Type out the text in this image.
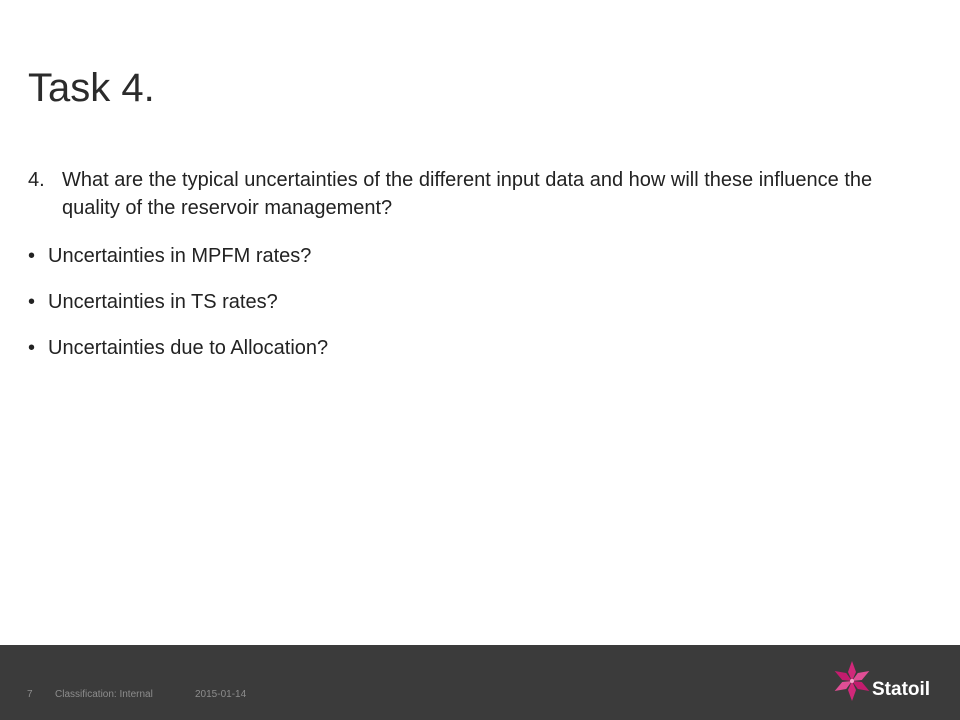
Task 4.
4. What are the typical uncertainties of the different input data and how will these influence the quality of the reservoir management?
• Uncertainties in MPFM rates?
• Uncertainties in TS rates?
• Uncertainties due to Allocation?
7 Classification: Internal	2015-01-14	Statoil
